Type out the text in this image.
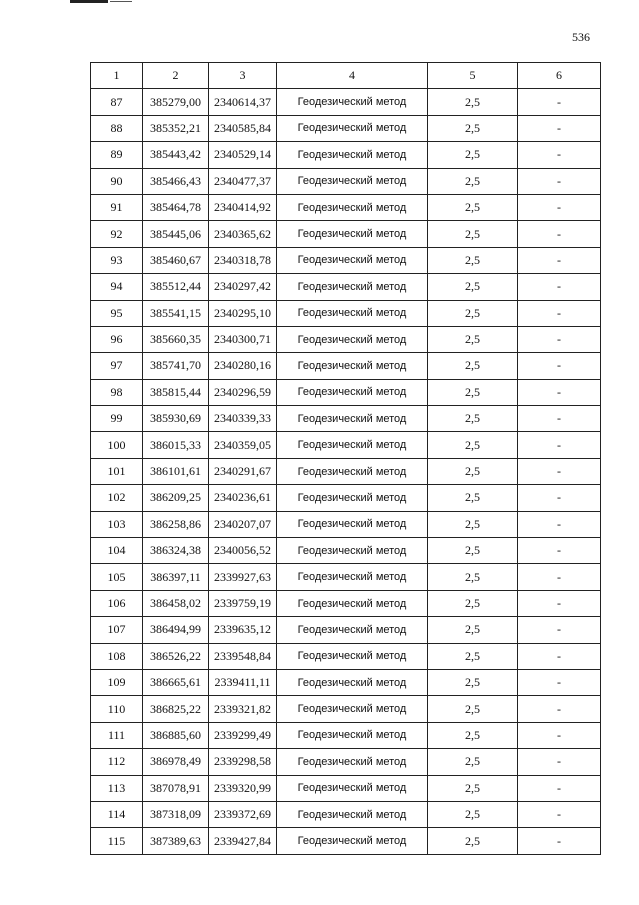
536
1	2	3	4	5	6
87	385279,00	2340614,37	Геодезический метод	2,5	-
88	385352,21	2340585,84	Геодезический метод	2,5	-
89	385443,42	2340529,14	Геодезический метод	2,5	-
90	385466,43	2340477,37	Геодезический метод	2,5	-
91	385464,78	2340414,92	Геодезический метод	2,5	-
92	385445,06	2340365,62	Геодезический метод	2,5	-
93	385460,67	2340318,78	Геодезический метод	2,5	-
94	385512,44	2340297,42	Геодезический метод	2,5	-
95	385541,15	2340295,10	Геодезический метод	2,5	-
96	385660,35	2340300,71	Геодезический метод	2,5	-
97	385741,70	2340280,16	Геодезический метод	2,5	-
98	385815,44	2340296,59	Геодезический метод	2,5	-
99	385930,69	2340339,33	Геодезический метод	2,5	-
100	386015,33	2340359,05	Геодезический метод	2,5	-
101	386101,61	2340291,67	Геодезический метод	2,5	-
102	386209,25	2340236,61	Геодезический метод	2,5	-
103	386258,86	2340207,07	Геодезический метод	2,5	-
104	386324,38	2340056,52	Геодезический метод	2,5	-
105	386397,11	2339927,63	Геодезический метод	2,5	-
106	386458,02	2339759,19	Геодезический метод	2,5	-
107	386494,99	2339635,12	Геодезический метод	2,5	-
108	386526,22	2339548,84	Геодезический метод	2,5	-
109	386665,61	2339411,11	Геодезический метод	2,5	-
110	386825,22	2339321,82	Геодезический метод	2,5	-
111	386885,60	2339299,49	Геодезический метод	2,5	-
112	386978,49	2339298,58	Геодезический метод	2,5	-
113	387078,91	2339320,99	Геодезический метод	2,5	-
114	387318,09	2339372,69	Геодезический метод	2,5	-
115	387389,63	2339427,84	Геодезический метод	2,5	-
